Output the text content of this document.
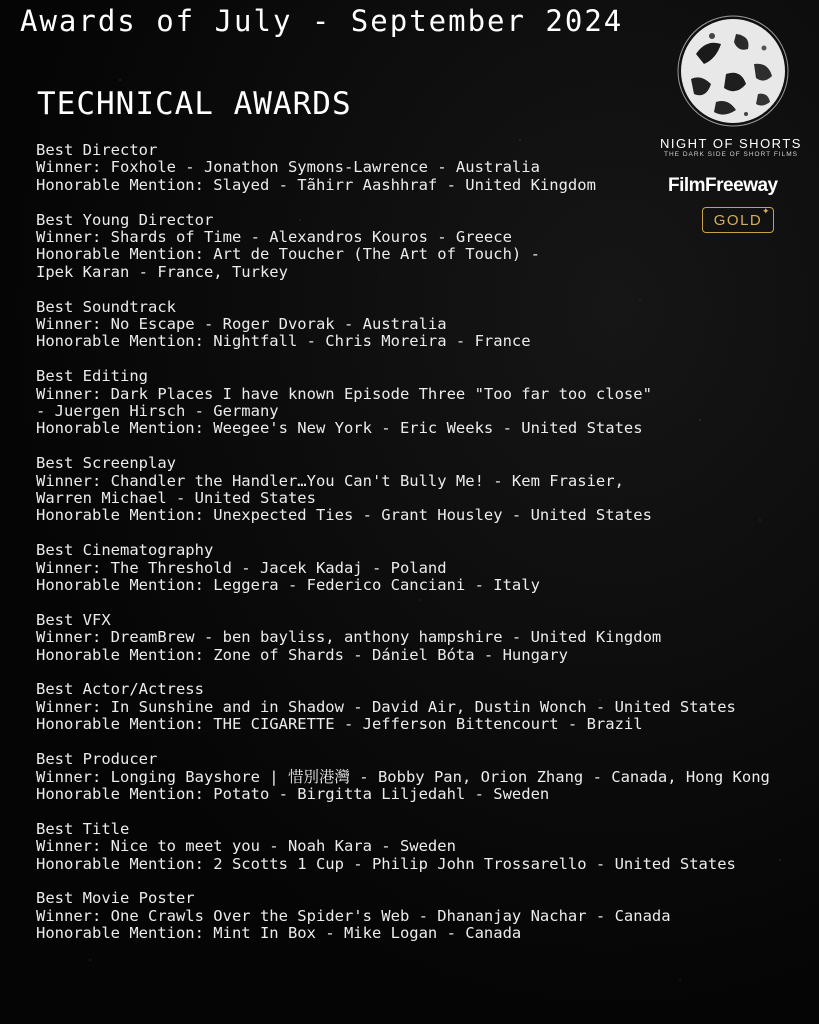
Awards of July - September 2024
TECHNICAL AWARDS
NIGHT OF SHORTS
THE DARK SIDE OF SHORT FILMS
FilmFreeway
GOLD
✦
Best Director
Winner: Foxhole - Jonathon Symons-Lawrence - Australia
Honorable Mention: Slayed - Tãhirr Aashhraf - United Kingdom
Best Young Director
Winner: Shards of Time - Alexandros Kouros - Greece
Honorable Mention: Art de Toucher (The Art of Touch) -
Ipek Karan - France, Turkey
Best Soundtrack
Winner: No Escape - Roger Dvorak - Australia
Honorable Mention: Nightfall - Chris Moreira - France
Best Editing
Winner: Dark Places I have known Episode Three "Too far too close"
- Juergen Hirsch - Germany
Honorable Mention: Weegee's New York - Eric Weeks - United States
Best Screenplay
Winner: Chandler the Handler…You Can't Bully Me! - Kem Frasier,
Warren Michael - United States
Honorable Mention: Unexpected Ties - Grant Housley - United States
Best Cinematography
Winner: The Threshold - Jacek Kadaj - Poland
Honorable Mention: Leggera - Federico Canciani - Italy
Best VFX
Winner: DreamBrew - ben bayliss, anthony hampshire - United Kingdom
Honorable Mention: Zone of Shards - Dániel Bóta - Hungary
Best Actor/Actress
Winner: In Sunshine and in Shadow - David Air, Dustin Wonch - United States
Honorable Mention: THE CIGARETTE - Jefferson Bittencourt - Brazil
Best Producer
Winner: Longing Bayshore | 惜別港灣 - Bobby Pan, Orion Zhang - Canada, Hong Kong
Honorable Mention: Potato - Birgitta Liljedahl - Sweden
Best Title
Winner: Nice to meet you - Noah Kara - Sweden
Honorable Mention: 2 Scotts 1 Cup - Philip John Trossarello - United States
Best Movie Poster
Winner: One Crawls Over the Spider's Web - Dhananjay Nachar - Canada
Honorable Mention: Mint In Box - Mike Logan - Canada
